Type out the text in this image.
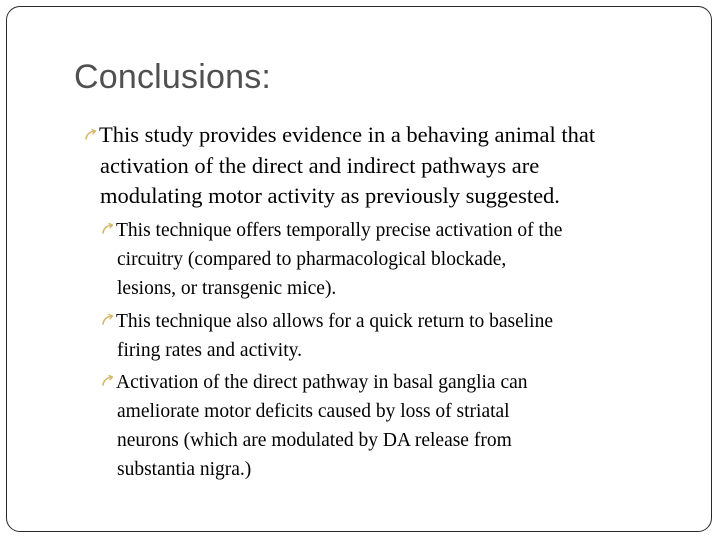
Conclusions:
This study provides evidence in a behaving animal that
activation of the direct and indirect pathways are
modulating motor activity as previously suggested.
This technique offers temporally precise activation of the
circuitry (compared to pharmacological blockade,
lesions, or transgenic mice).
This technique also allows for a quick return to baseline
firing rates and activity.
Activation of the direct pathway in basal ganglia can
ameliorate motor deficits caused by loss of striatal
neurons (which are modulated by DA release from
substantia nigra.)
